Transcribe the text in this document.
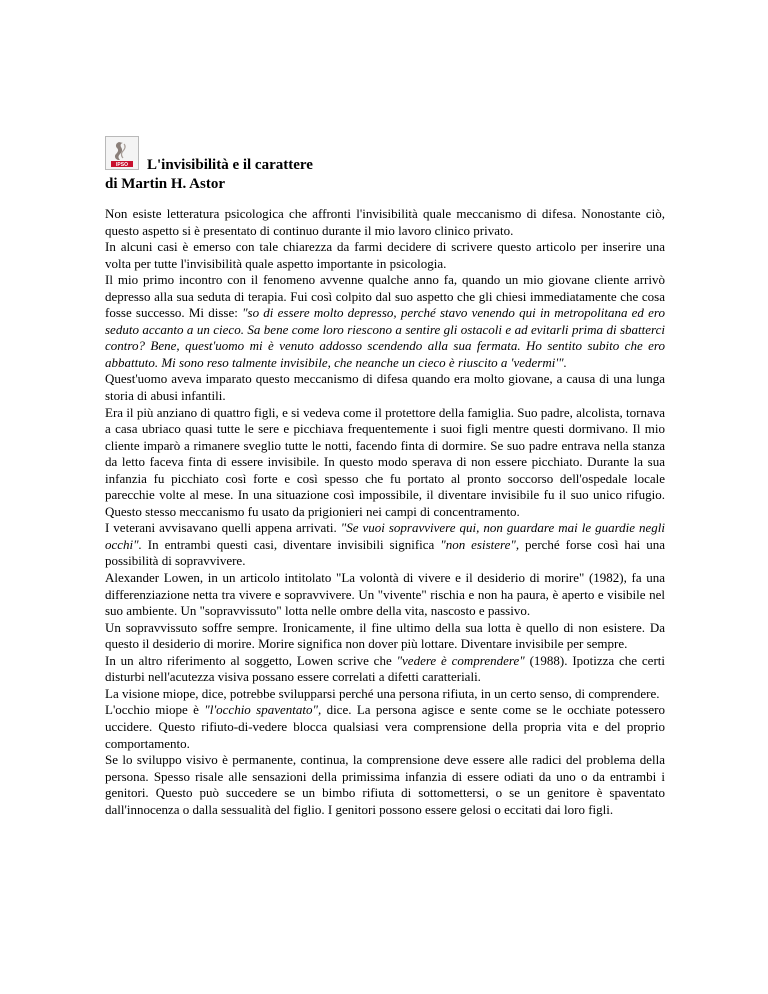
IPSO L'invisibilità e il carattere
di Martin H. Astor

Non esiste letteratura psicologica che affronti l'invisibilità quale meccanismo di difesa. Nonostante ciò, questo aspetto si è presentato di continuo durante il mio lavoro clinico privato.

In alcuni casi è emerso con tale chiarezza da farmi decidere di scrivere questo articolo per inserire una volta per tutte l'invisibilità quale aspetto importante in psicologia.

Il mio primo incontro con il fenomeno avvenne qualche anno fa, quando un mio giovane cliente arrivò depresso alla sua seduta di terapia. Fui così colpito dal suo aspetto che gli chiesi immediatamente che cosa fosse successo. Mi disse: "so di essere molto depresso, perché stavo venendo qui in metropolitana ed ero seduto accanto a un cieco. Sa bene come loro riescono a sentire gli ostacoli e ad evitarli prima di sbatterci contro? Bene, quest'uomo mi è venuto addosso scendendo alla sua fermata. Ho sentito subito che ero abbattuto. Mi sono reso talmente invisibile, che neanche un cieco è riuscito a 'vedermi'".

Quest'uomo aveva imparato questo meccanismo di difesa quando era molto giovane, a causa di una lunga storia di abusi infantili.

Era il più anziano di quattro figli, e si vedeva come il protettore della famiglia. Suo padre, alcolista, tornava a casa ubriaco quasi tutte le sere e picchiava frequentemente i suoi figli mentre questi dormivano. Il mio cliente imparò a rimanere sveglio tutte le notti, facendo finta di dormire. Se suo padre entrava nella stanza da letto faceva finta di essere invisibile. In questo modo sperava di non essere picchiato. Durante la sua infanzia fu picchiato così forte e così spesso che fu portato al pronto soccorso dell'ospedale locale parecchie volte al mese. In una situazione così impossibile, il diventare invisibile fu il suo unico rifugio. Questo stesso meccanismo fu usato da prigionieri nei campi di concentramento.

I veterani avvisavano quelli appena arrivati. "Se vuoi sopravvivere qui, non guardare mai le guardie negli occhi". In entrambi questi casi, diventare invisibili significa "non esistere", perché forse così hai una possibilità di sopravvivere.

Alexander Lowen, in un articolo intitolato "La volontà di vivere e il desiderio di morire" (1982), fa una differenziazione netta tra vivere e sopravvivere. Un "vivente" rischia e non ha paura, è aperto e visibile nel suo ambiente. Un "sopravvissuto" lotta nelle ombre della vita, nascosto e passivo.

Un sopravvissuto soffre sempre. Ironicamente, il fine ultimo della sua lotta è quello di non esistere. Da questo il desiderio di morire. Morire significa non dover più lottare. Diventare invisibile per sempre.

In un altro riferimento al soggetto, Lowen scrive che "vedere è comprendere" (1988). Ipotizza che certi disturbi nell'acutezza visiva possano essere correlati a difetti caratteriali.

La visione miope, dice, potrebbe svilupparsi perché una persona rifiuta, in un certo senso, di comprendere.

L'occhio miope è "l'occhio spaventato", dice. La persona agisce e sente come se le occhiate potessero uccidere. Questo rifiuto-di-vedere blocca qualsiasi vera comprensione della propria vita e del proprio comportamento.

Se lo sviluppo visivo è permanente, continua, la comprensione deve essere alle radici del problema della persona. Spesso risale alle sensazioni della primissima infanzia di essere odiati da uno o da entrambi i genitori. Questo può succedere se un bimbo rifiuta di sottomettersi, o se un genitore è spaventato dall'innocenza o dalla sessualità del figlio. I genitori possono essere gelosi o eccitati dai loro figli.
